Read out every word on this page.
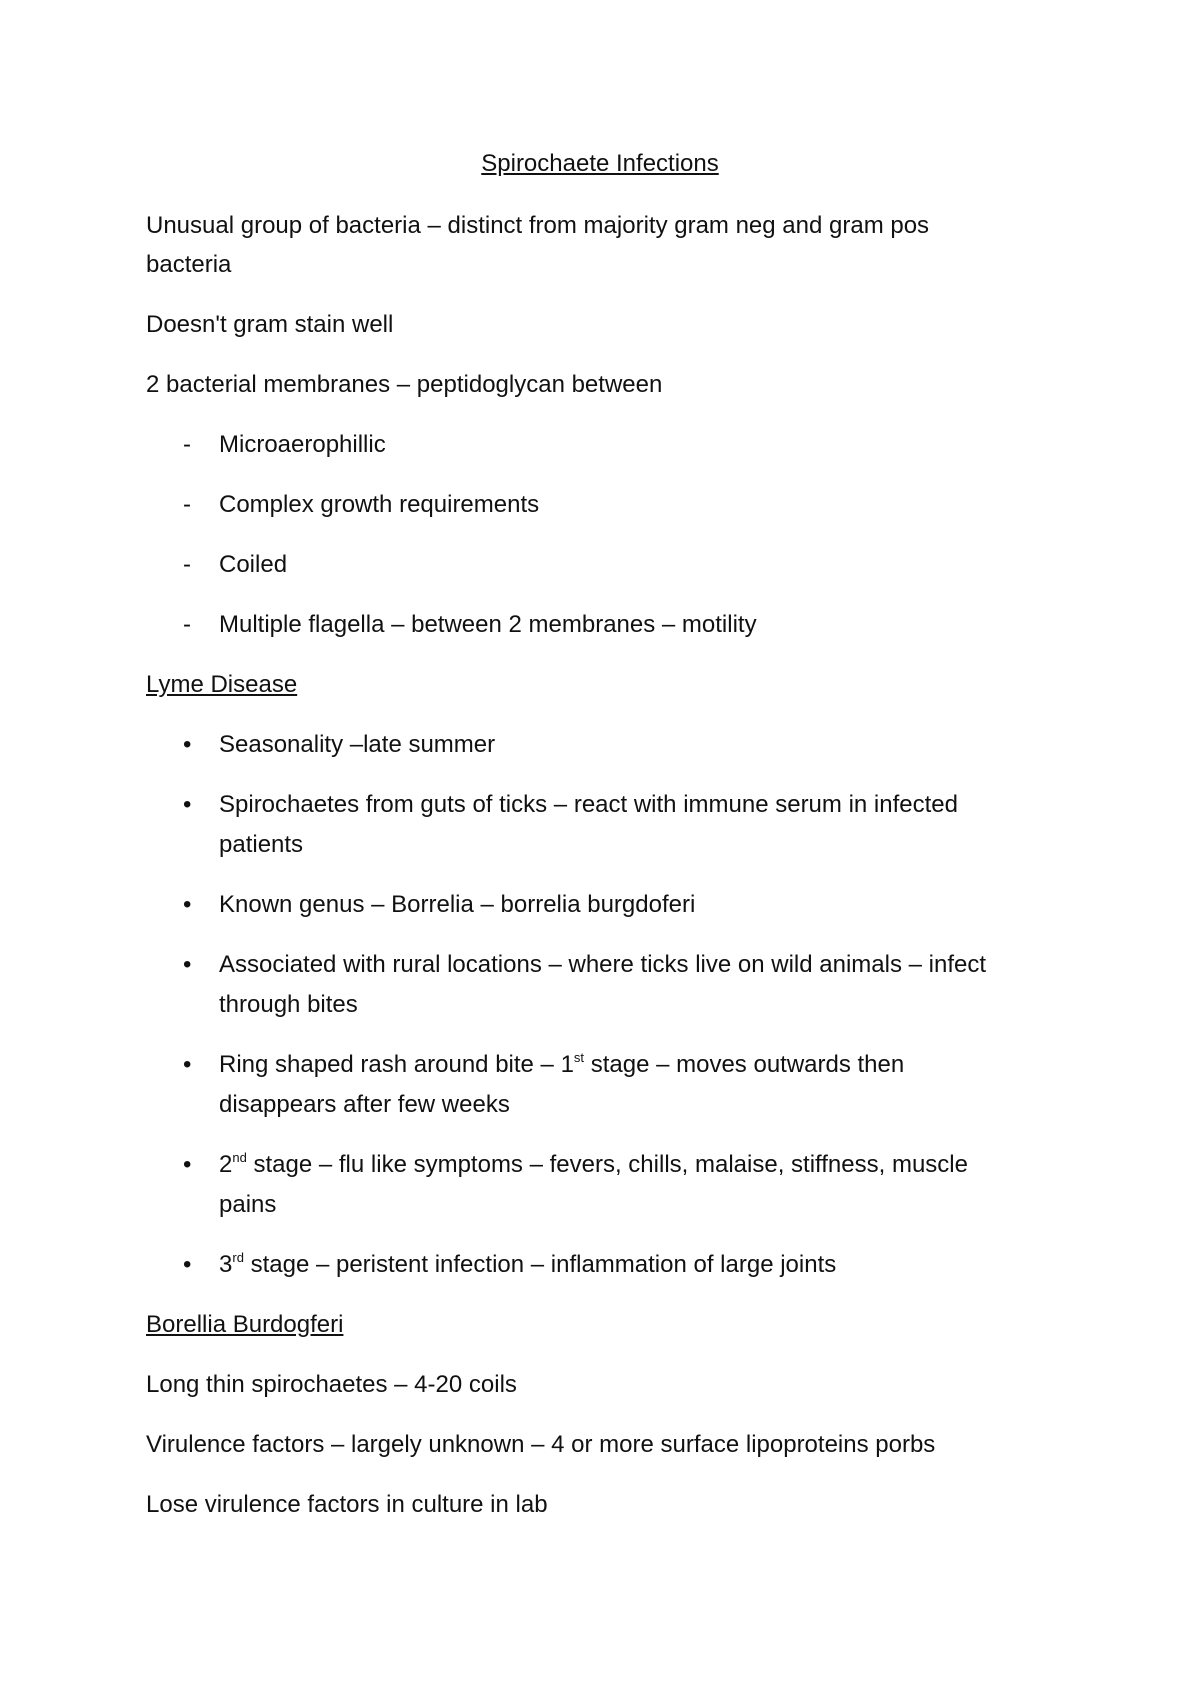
Spirochaete Infections
Unusual group of bacteria – distinct from majority gram neg and gram pos
bacteria
Doesn't gram stain well
2 bacterial membranes – peptidoglycan between
- Microaerophillic
- Complex growth requirements
- Coiled
- Multiple flagella – between 2 membranes – motility
Lyme Disease
• Seasonality –late summer
• Spirochaetes from guts of ticks – react with immune serum in infected
patients
• Known genus – Borrelia – borrelia burgdoferi
• Associated with rural locations – where ticks live on wild animals – infect
through bites
• Ring shaped rash around bite – 1st stage – moves outwards then
disappears after few weeks
• 2nd stage – flu like symptoms – fevers, chills, malaise, stiffness, muscle
pains
• 3rd stage – peristent infection – inflammation of large joints
Borellia Burdogferi
Long thin spirochaetes – 4-20 coils
Virulence factors – largely unknown – 4 or more surface lipoproteins porbs
Lose virulence factors in culture in lab
